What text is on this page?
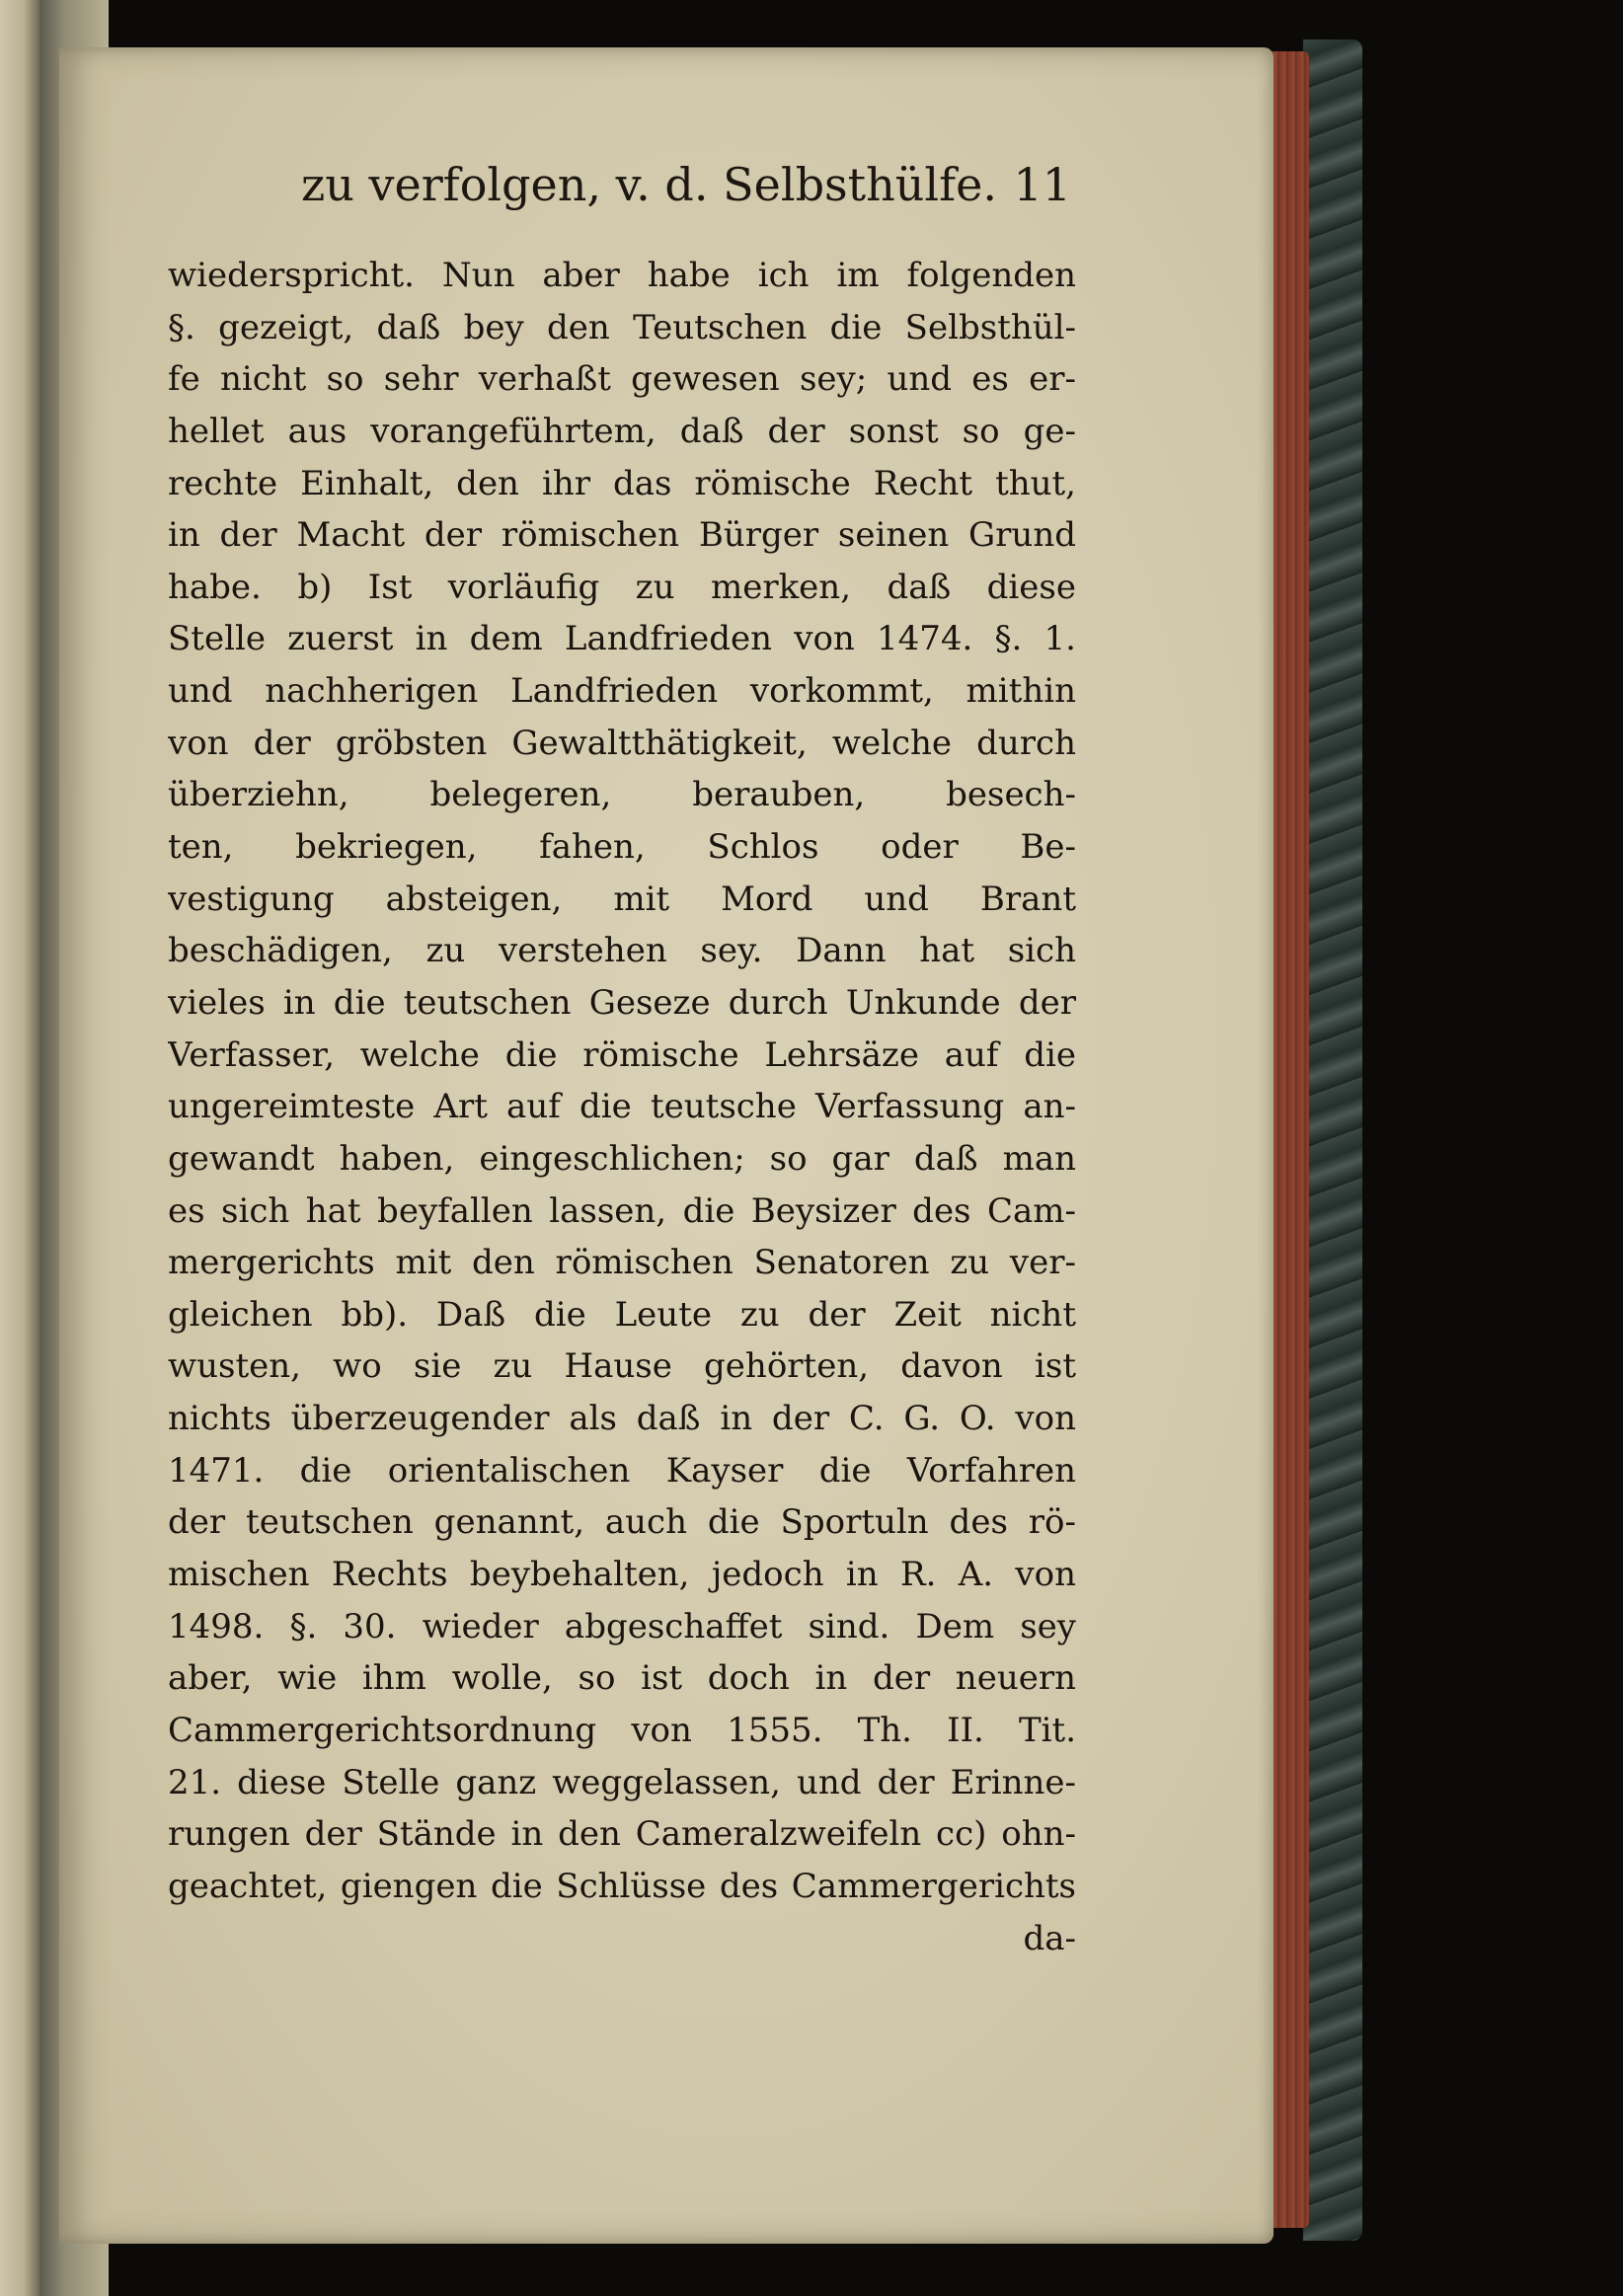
zu verfolgen, v. d. Selbsthülfe. 11
wiederspricht. Nun aber habe ich im folgenden
§. gezeigt, daß bey den Teutschen die Selbsthül-
fe nicht so sehr verhaßt gewesen sey; und es er-
hellet aus vorangeführtem, daß der sonst so ge-
rechte Einhalt, den ihr das römische Recht thut,
in der Macht der römischen Bürger seinen Grund
habe. b) Ist vorläufig zu merken, daß diese
Stelle zuerst in dem Landfrieden von 1474. §. 1.
und nachherigen Landfrieden vorkommt, mithin
von der gröbsten Gewaltthätigkeit, welche durch
überziehn, belegeren, berauben, besech-
ten, bekriegen, fahen, Schlos oder Be-
vestigung absteigen, mit Mord und Brant
beschädigen, zu verstehen sey. Dann hat sich
vieles in die teutschen Geseze durch Unkunde der
Verfasser, welche die römische Lehrsäze auf die
ungereimteste Art auf die teutsche Verfassung an-
gewandt haben, eingeschlichen; so gar daß man
es sich hat beyfallen lassen, die Beysizer des Cam-
mergerichts mit den römischen Senatoren zu ver-
gleichen bb). Daß die Leute zu der Zeit nicht
wusten, wo sie zu Hause gehörten, davon ist
nichts überzeugender als daß in der C. G. O. von
1471. die orientalischen Kayser die Vorfahren
der teutschen genannt, auch die Sportuln des rö-
mischen Rechts beybehalten, jedoch in R. A. von
1498. §. 30. wieder abgeschaffet sind. Dem sey
aber, wie ihm wolle, so ist doch in der neuern
Cammergerichtsordnung von 1555. Th. II. Tit.
21. diese Stelle ganz weggelassen, und der Erinne-
rungen der Stände in den Cameralzweifeln cc) ohn-
geachtet, giengen die Schlüsse des Cammergerichts
da-
